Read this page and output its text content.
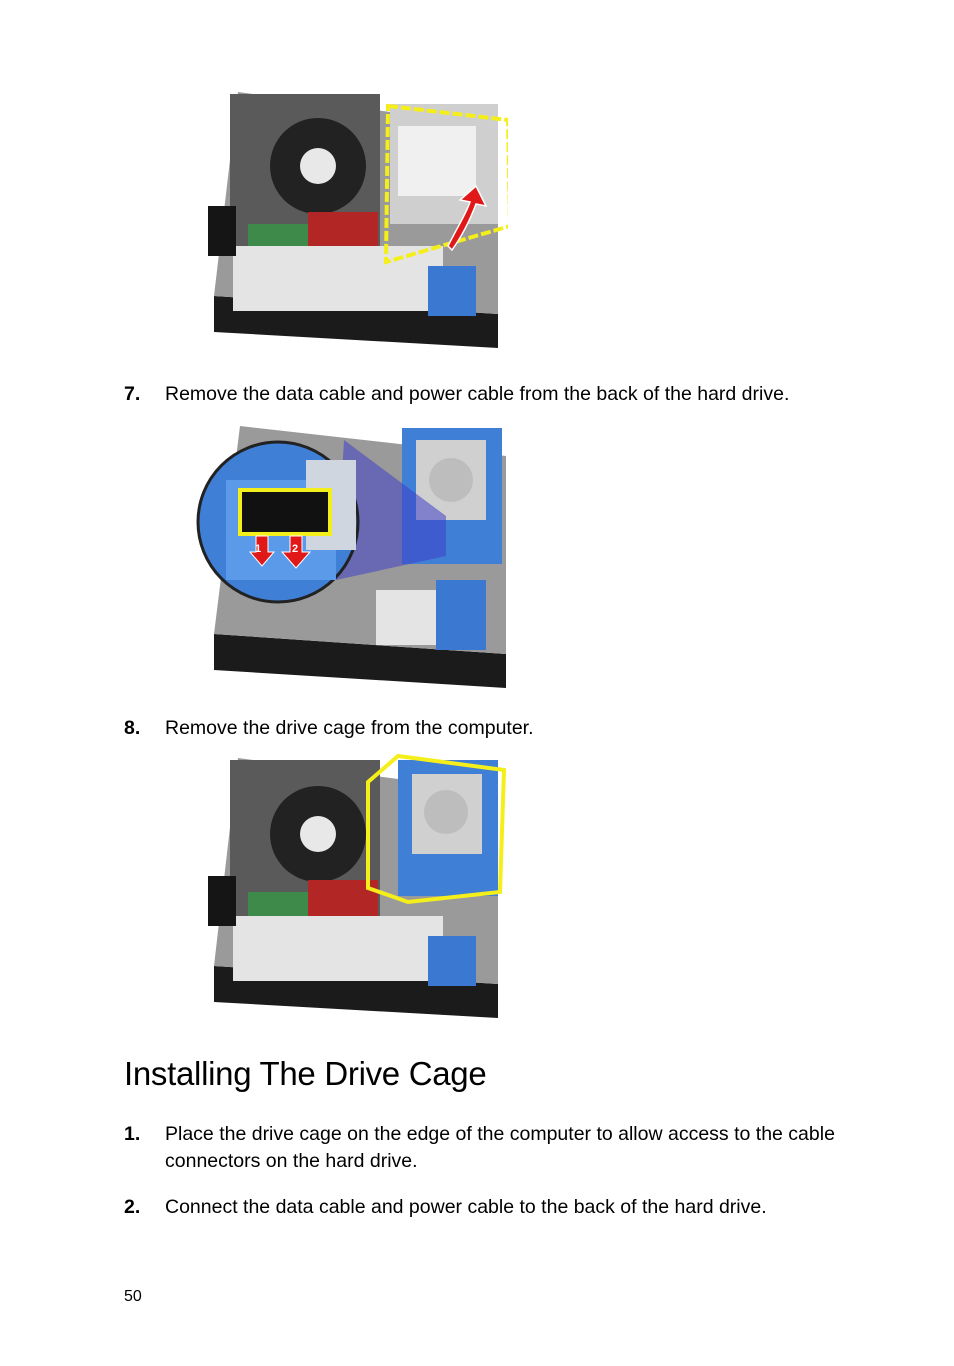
7. Remove the data cable and power cable from the back of the hard drive.
1	2
8. Remove the drive cage from the computer.
Installing The Drive Cage
1. Place the drive cage on the edge of the computer to allow access to the cable connectors on the hard drive.
2. Connect the data cable and power cable to the back of the hard drive.
50
